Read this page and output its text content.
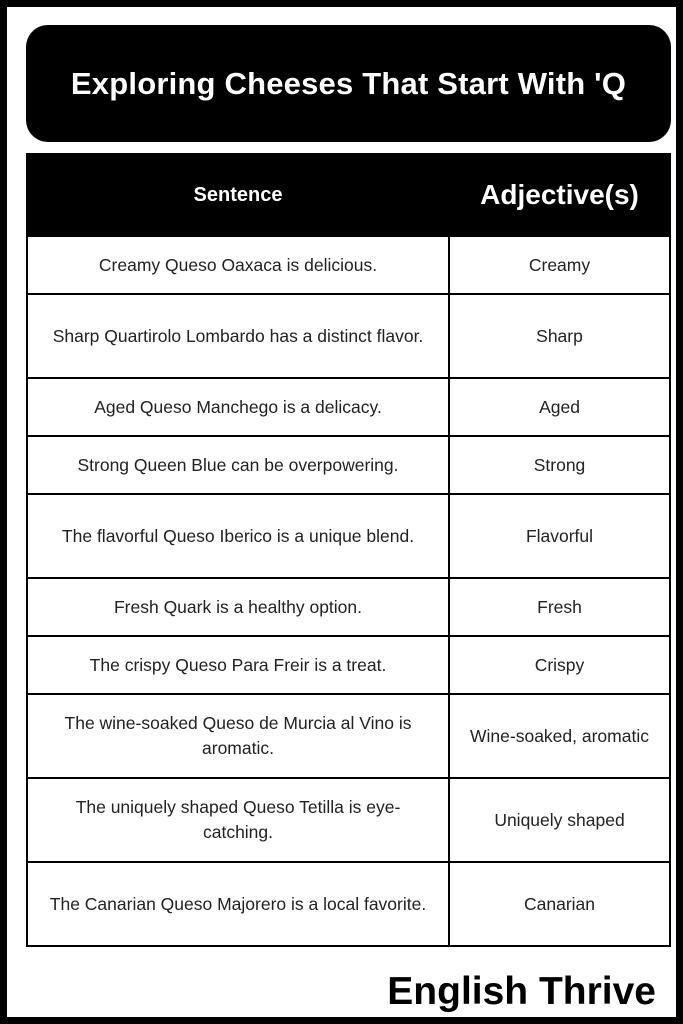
Exploring Cheeses That Start With 'Q
Sentence	Adjective(s)
Creamy Queso Oaxaca is delicious.	Creamy
Sharp Quartirolo Lombardo has a distinct flavor.	Sharp
Aged Queso Manchego is a delicacy.	Aged
Strong Queen Blue can be overpowering.	Strong
The flavorful Queso Iberico is a unique blend.	Flavorful
Fresh Quark is a healthy option.	Fresh
The crispy Queso Para Freir is a treat.	Crispy
The wine-soaked Queso de Murcia al Vino is aromatic.	Wine-soaked, aromatic
The uniquely shaped Queso Tetilla is eye-catching.	Uniquely shaped
The Canarian Queso Majorero is a local favorite.	Canarian
English Thrive
